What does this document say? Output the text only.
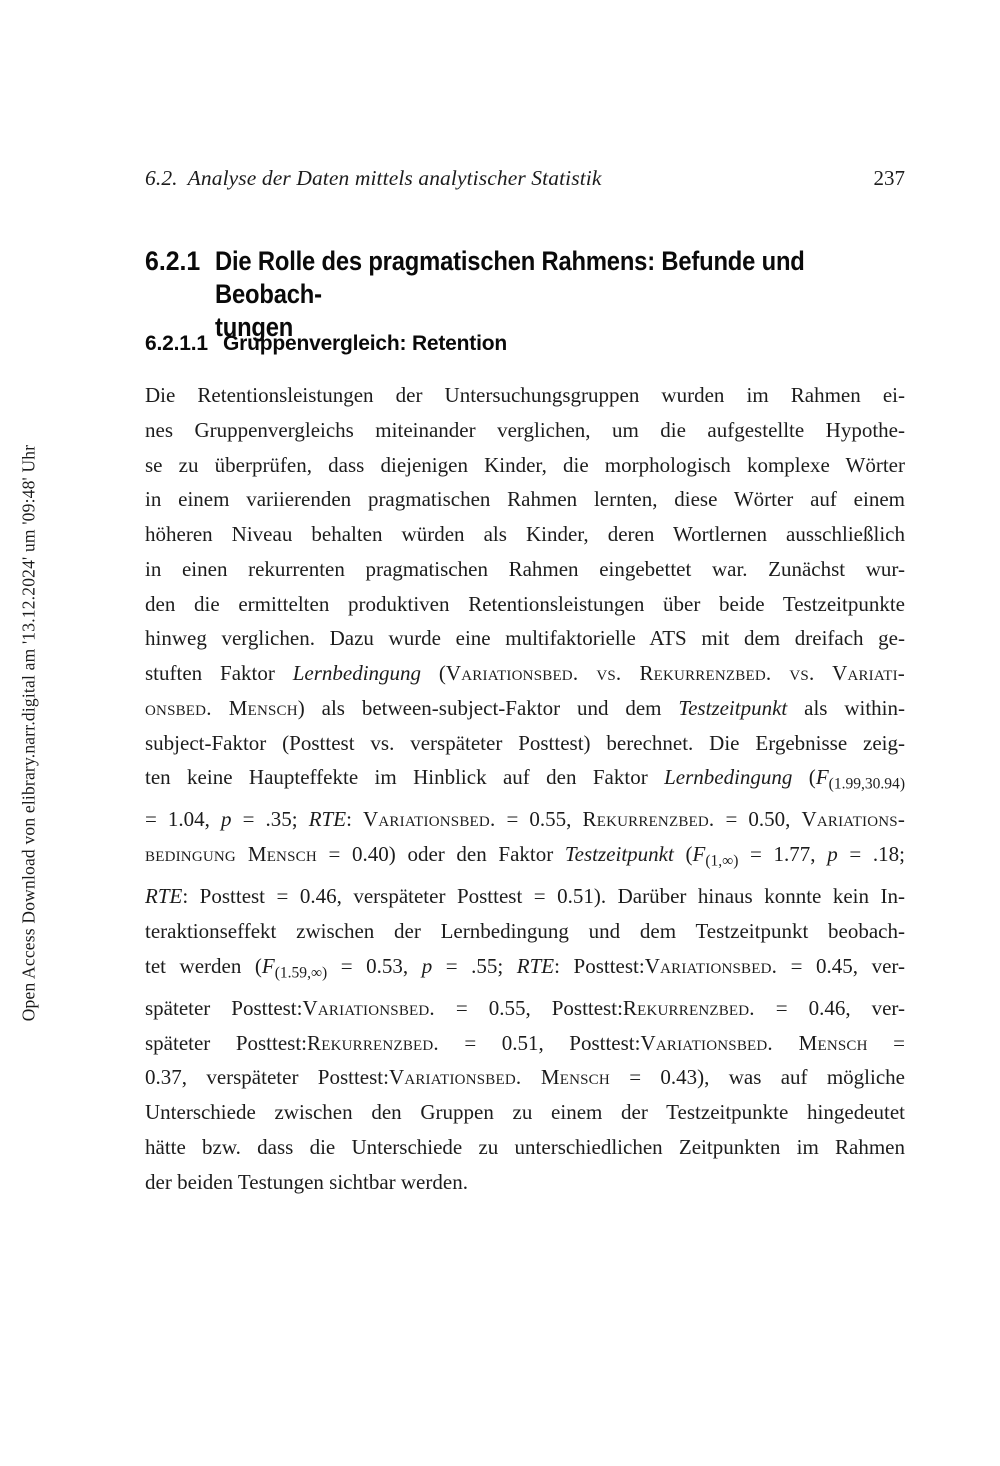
6.2. Analyse der Daten mittels analytischer Statistik	237
Open Access Download von elibrary.narr.digital am '13.12.2024' um '09:48' Uhr
6.2.1 Die Rolle des pragmatischen Rahmens: Befunde und Beobach-
tungen
6.2.1.1 Gruppenvergleich: Retention
Die Retentionsleistungen der Untersuchungsgruppen wurden im Rahmen ei-
nes Gruppenvergleichs miteinander verglichen, um die aufgestellte Hypothe-
se zu überprüfen, dass diejenigen Kinder, die morphologisch komplexe Wörter
in einem variierenden pragmatischen Rahmen lernten, diese Wörter auf einem
höheren Niveau behalten würden als Kinder, deren Wortlernen ausschließlich
in einen rekurrenten pragmatischen Rahmen eingebettet war. Zunächst wur-
den die ermittelten produktiven Retentionsleistungen über beide Testzeitpunkte
hinweg verglichen. Dazu wurde eine multifaktorielle ATS mit dem dreifach ge-
stuften Faktor Lernbedingung (Variationsbed. vs. Rekurrenzbed. vs. Variati-
onsbed. Mensch) als between-subject-Faktor und dem Testzeitpunkt als within-
subject-Faktor (Posttest vs. verspäteter Posttest) berechnet. Die Ergebnisse zeig-
ten keine Haupteffekte im Hinblick auf den Faktor Lernbedingung ($F_{(1.99,30.94)}$
= 1.04, p = .35; RTE: Variationsbed. = 0.55, Rekurrenzbed. = 0.50, Variations-
bedingung Mensch = 0.40) oder den Faktor Testzeitpunkt ($F_{(1,\infty)} = 1.77$, p = .18;
RTE: Posttest = 0.46, verspäteter Posttest = 0.51). Darüber hinaus konnte kein In-
teraktionseffekt zwischen der Lernbedingung und dem Testzeitpunkt beobach-
tet werden ($F_{(1.59,\infty)} = 0.53$, p = .55; RTE: Posttest:Variationsbed. = 0.45, ver-
späteter Posttest:Variationsbed. = 0.55, Posttest:Rekurrenzbed. = 0.46, ver-
späteter Posttest:Rekurrenzbed. = 0.51, Posttest:Variationsbed. Mensch =
0.37, verspäteter Posttest:Variationsbed. Mensch = 0.43), was auf mögliche
Unterschiede zwischen den Gruppen zu einem der Testzeitpunkte hingedeutet
hätte bzw. dass die Unterschiede zu unterschiedlichen Zeitpunkten im Rahmen
der beiden Testungen sichtbar werden.
